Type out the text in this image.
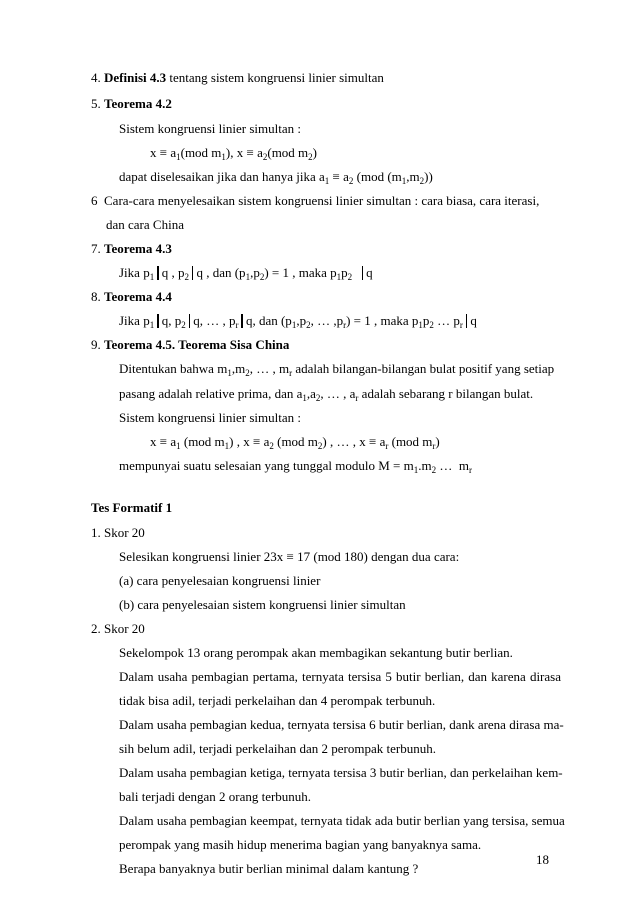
4. Definisi 4.3 tentang sistem kongruensi linier simultan
5. Teorema 4.2
Sistem kongruensi linier simultan :
$x \equiv a_1(mod$ $m_1$), $x \equiv a_2(mod$ $m_2$)
dapat diselesaikan jika dan hanya jika $a_1 \equiv a_2$ (mod $(m_1,m_2)$)
6 Cara-cara menyelesaikan sistem kongruensi linier simultan : cara biasa, cara iterasi,
dan cara China
7. Teorema 4.3
Jika $p_1$ q , $p_2$ q , dan $(p_1,p_2) = 1$ , maka $p_1p_2$ q
8. Teorema 4.4
Jika $p_1$ q, $p_2$ q, … , $p_r$ q, dan ($p_1,p_2$, … $,p_r) = 1$ , maka $p_1p_2$ … $p_r$ q
9. Teorema 4.5. Teorema Sisa China
Ditentukan bahwa $m_1,m_2$, … , $m_r$ adalah bilangan-bilangan bulat positif yang setiap
pasang adalah relative prima, dan $a_1,a_2$, … , $a_r$ adalah sebarang r bilangan bulat.
Sistem kongruensi linier simultan :
$x \equiv a_1$ (mod $m_1$) , $x \equiv a_2$ (mod $m_2$) , … , $x \equiv a_r$ (mod $m_r$)
mempunyai suatu selesaian yang tunggal modulo $M = m_1.m_2$ …  $m_r$
Tes Formatif 1
1. Skor 20
Selesikan kongruensi linier 23x ≡ 17 (mod 180) dengan dua cara:
(a) cara penyelesaian kongruensi linier
(b) cara penyelesaian sistem kongruensi linier simultan
2. Skor 20
Sekelompok 13 orang perompak akan membagikan sekantung butir berlian.
Dalam usaha pembagian pertama, ternyata tersisa 5 butir berlian, dan karena dirasa
tidak bisa adil, terjadi perkelaihan dan 4 perompak terbunuh.
Dalam usaha pembagian kedua, ternyata tersisa 6 butir berlian, dank arena dirasa ma-
sih belum adil, terjadi perkelaihan dan 2 perompak terbunuh.
Dalam usaha pembagian ketiga, ternyata tersisa 3 butir berlian, dan perkelaihan kem-
bali terjadi dengan 2 orang terbunuh.
Dalam usaha pembagian keempat, ternyata tidak ada butir berlian yang tersisa, semua
perompak yang masih hidup menerima bagian yang banyaknya sama.
Berapa banyaknya butir berlian minimal dalam kantung ?
18
